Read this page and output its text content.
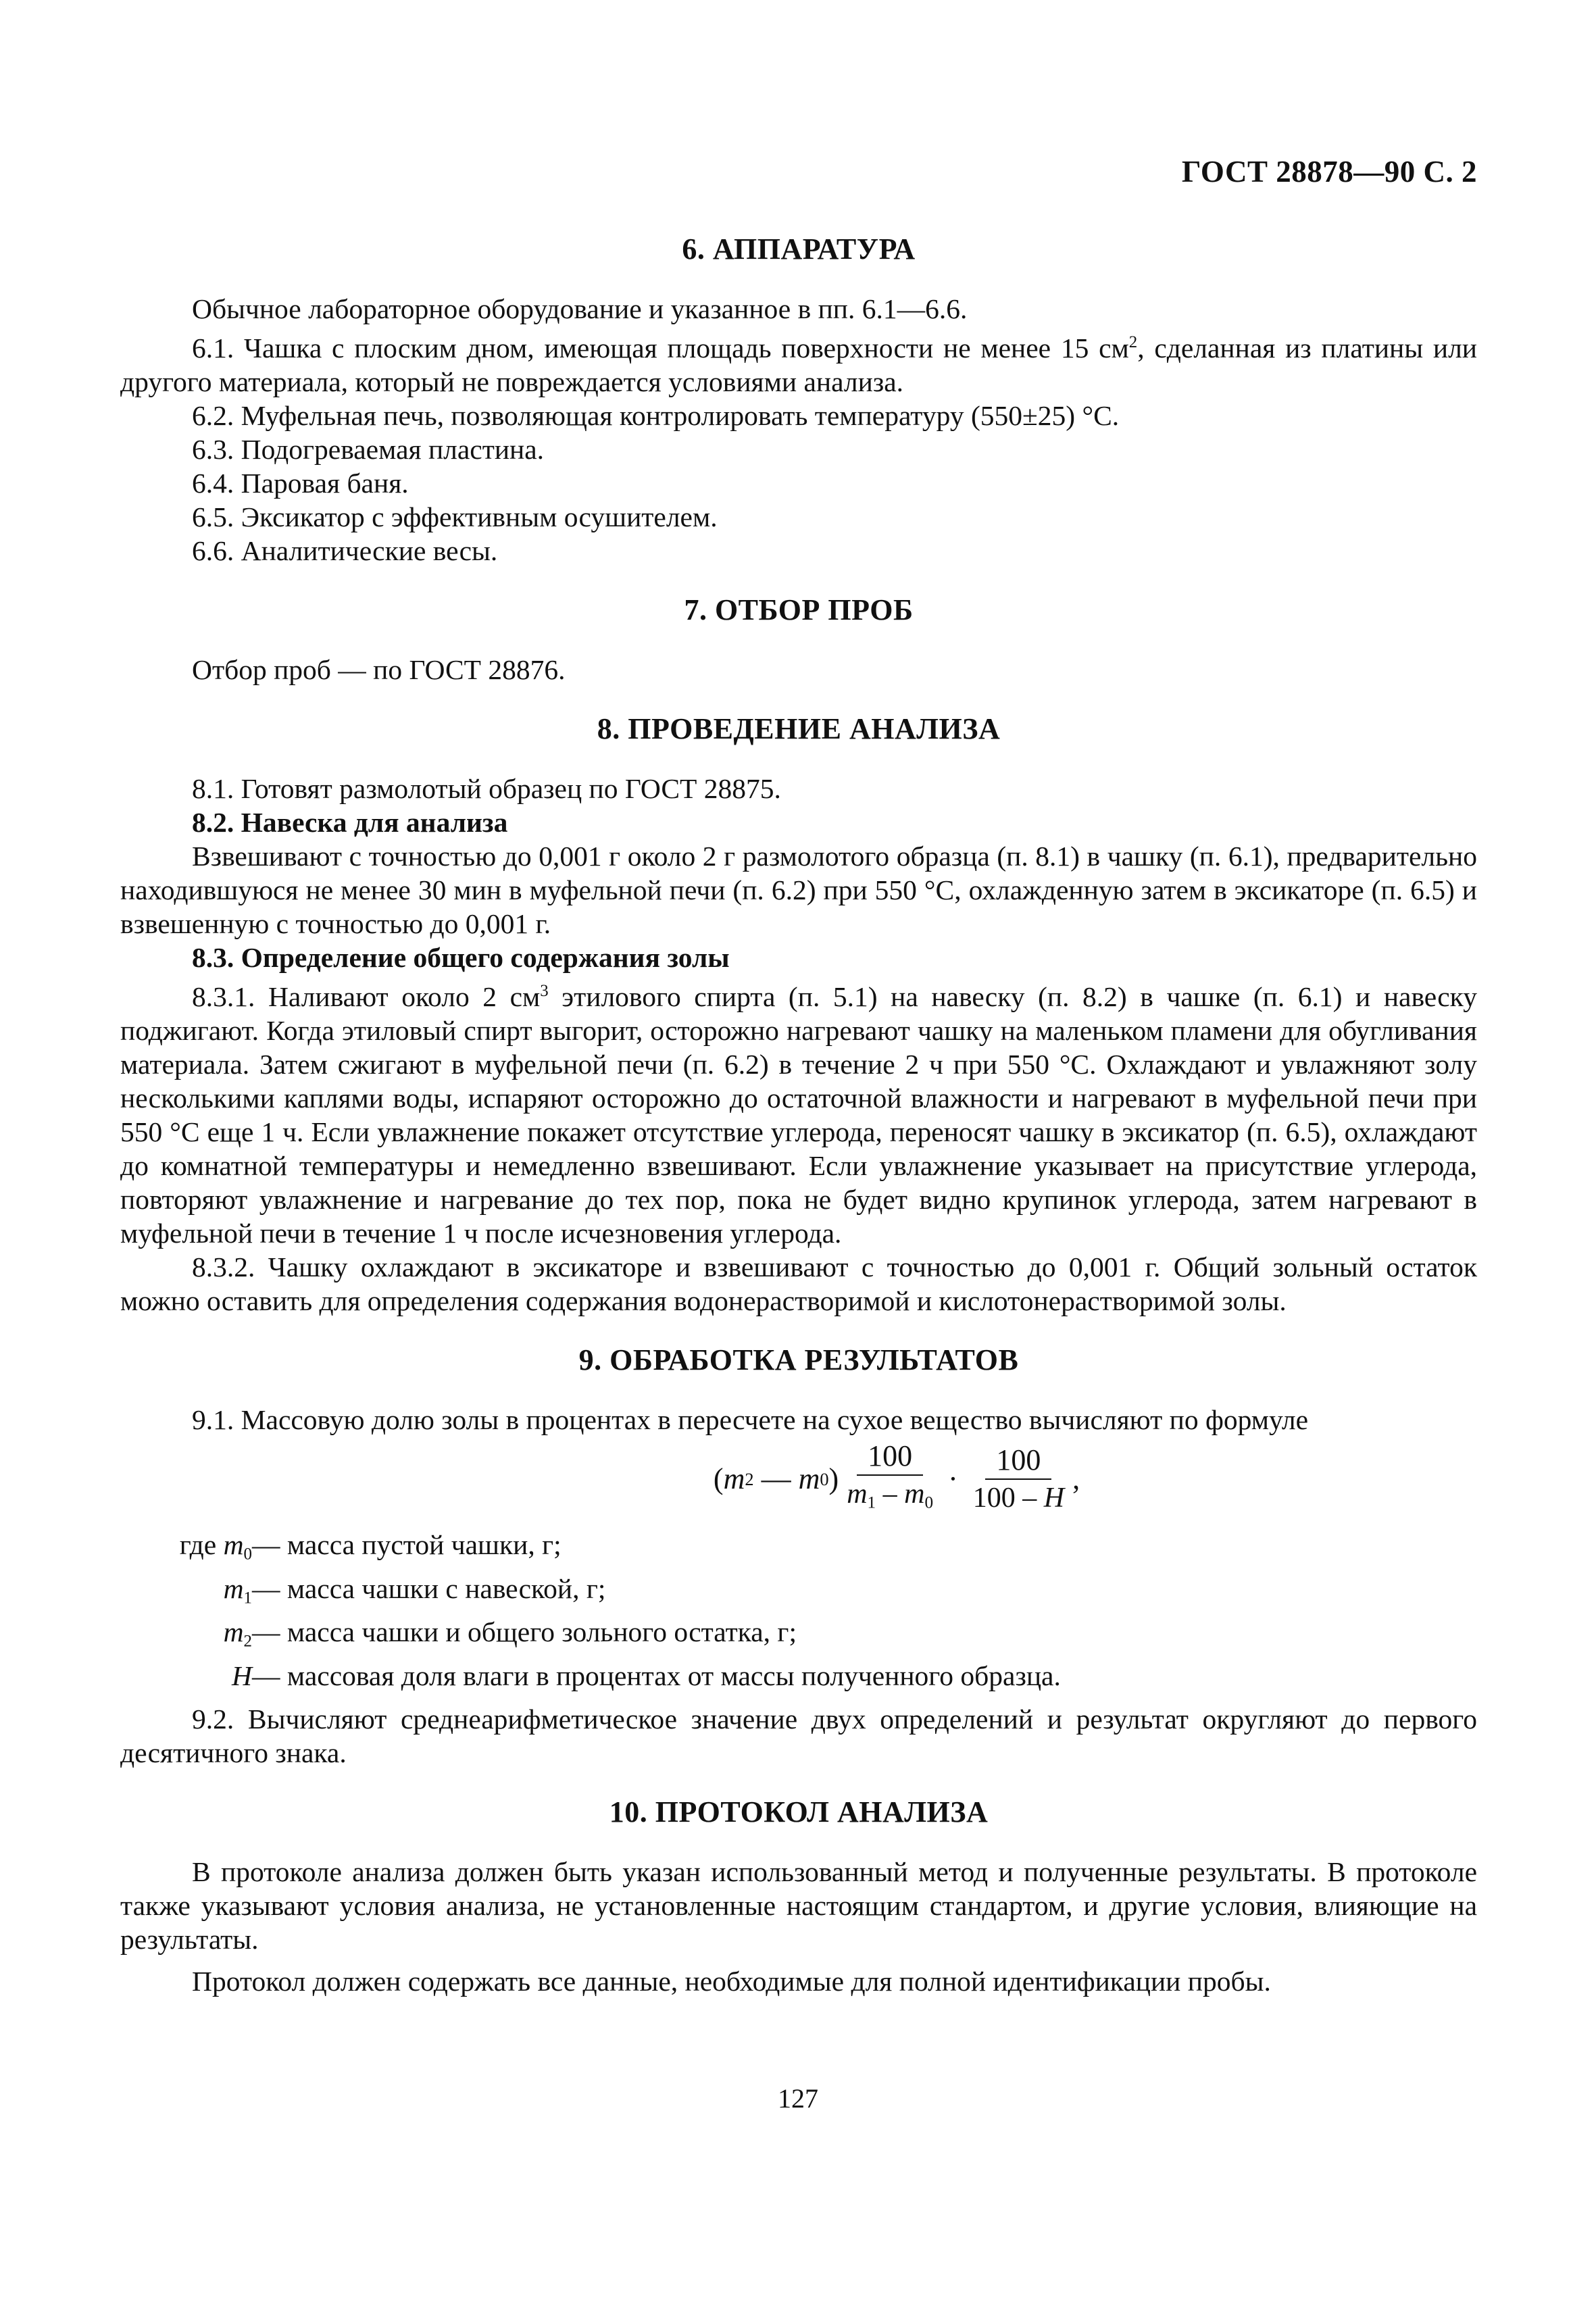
ГОСТ 28878—90 С. 2
6. АППАРАТУРА

Обычное лабораторное оборудование и указанное в пп. 6.1—6.6.

6.1. Чашка с плоским дном, имеющая площадь поверхности не менее 15 $см^2$, сделанная из платины или другого материала, который не повреждается условиями анализа.

6.2. Муфельная печь, позволяющая контролировать температуру (550±25) °С.

6.3. Подогреваемая пластина.

6.4. Паровая баня.

6.5. Эксикатор с эффективным осушителем.

6.6. Аналитические весы.

7. ОТБОР ПРОБ

Отбор проб — по ГОСТ 28876.

8. ПРОВЕДЕНИЕ АНАЛИЗА

8.1. Готовят размолотый образец по ГОСТ 28875.

8.2. Навеска для анализа

Взвешивают с точностью до 0,001 г около 2 г размолотого образца (п. 8.1) в чашку (п. 6.1), предварительно находившуюся не менее 30 мин в муфельной печи (п. 6.2) при 550 °С, охлажденную затем в эксикаторе (п. 6.5) и взвешенную с точностью до 0,001 г.

8.3. Определение общего содержания золы

8.3.1. Наливают около 2 $см^3$ этилового спирта (п. 5.1) на навеску (п. 8.2) в чашке (п. 6.1) и навеску поджигают. Когда этиловый спирт выгорит, осторожно нагревают чашку на маленьком пламени для обугливания материала. Затем сжигают в муфельной печи (п. 6.2) в течение 2 ч при 550 °С. Охлаждают и увлажняют золу несколькими каплями воды, испаряют осторожно до остаточной влажности и нагревают в муфельной печи при 550 °С еще 1 ч. Если увлажнение покажет отсутствие углерода, переносят чашку в эксикатор (п. 6.5), охлаждают до комнатной температуры и немедленно взвешивают. Если увлажнение указывает на присутствие углерода, повторяют увлажнение и нагревание до тех пор, пока не будет видно крупинок углерода, затем нагревают в муфельной печи в течение 1 ч после исчезновения углерода.

8.3.2. Чашку охлаждают в эксикаторе и взвешивают с точностью до 0,001 г. Общий зольный остаток можно оставить для определения содержания водонерастворимой и кислотонерастворимой золы.

9. ОБРАБОТКА РЕЗУЛЬТАТОВ

9.1. Массовую долю золы в процентах в пересчете на сухое вещество вычисляют по формуле

( m 2 — m 0 ) $\frac{100}{m_1 - m_0} \cdot \frac{100}{100 - H}$ ,
где $m_0$ — масса пустой чашки, г;
$m_1$ — масса чашки с навеской, г;
$m_2$ — масса чашки и общего зольного остатка, г;
H — массовая доля влаги в процентах от массы полученного образца.

9.2. Вычисляют среднеарифметическое значение двух определений и результат округляют до первого десятичного знака.

10. ПРОТОКОЛ АНАЛИЗА

В протоколе анализа должен быть указан использованный метод и полученные результаты. В протоколе также указывают условия анализа, не установленные настоящим стандартом, и другие условия, влияющие на результаты.

Протокол должен содержать все данные, необходимые для полной идентификации пробы.

127
